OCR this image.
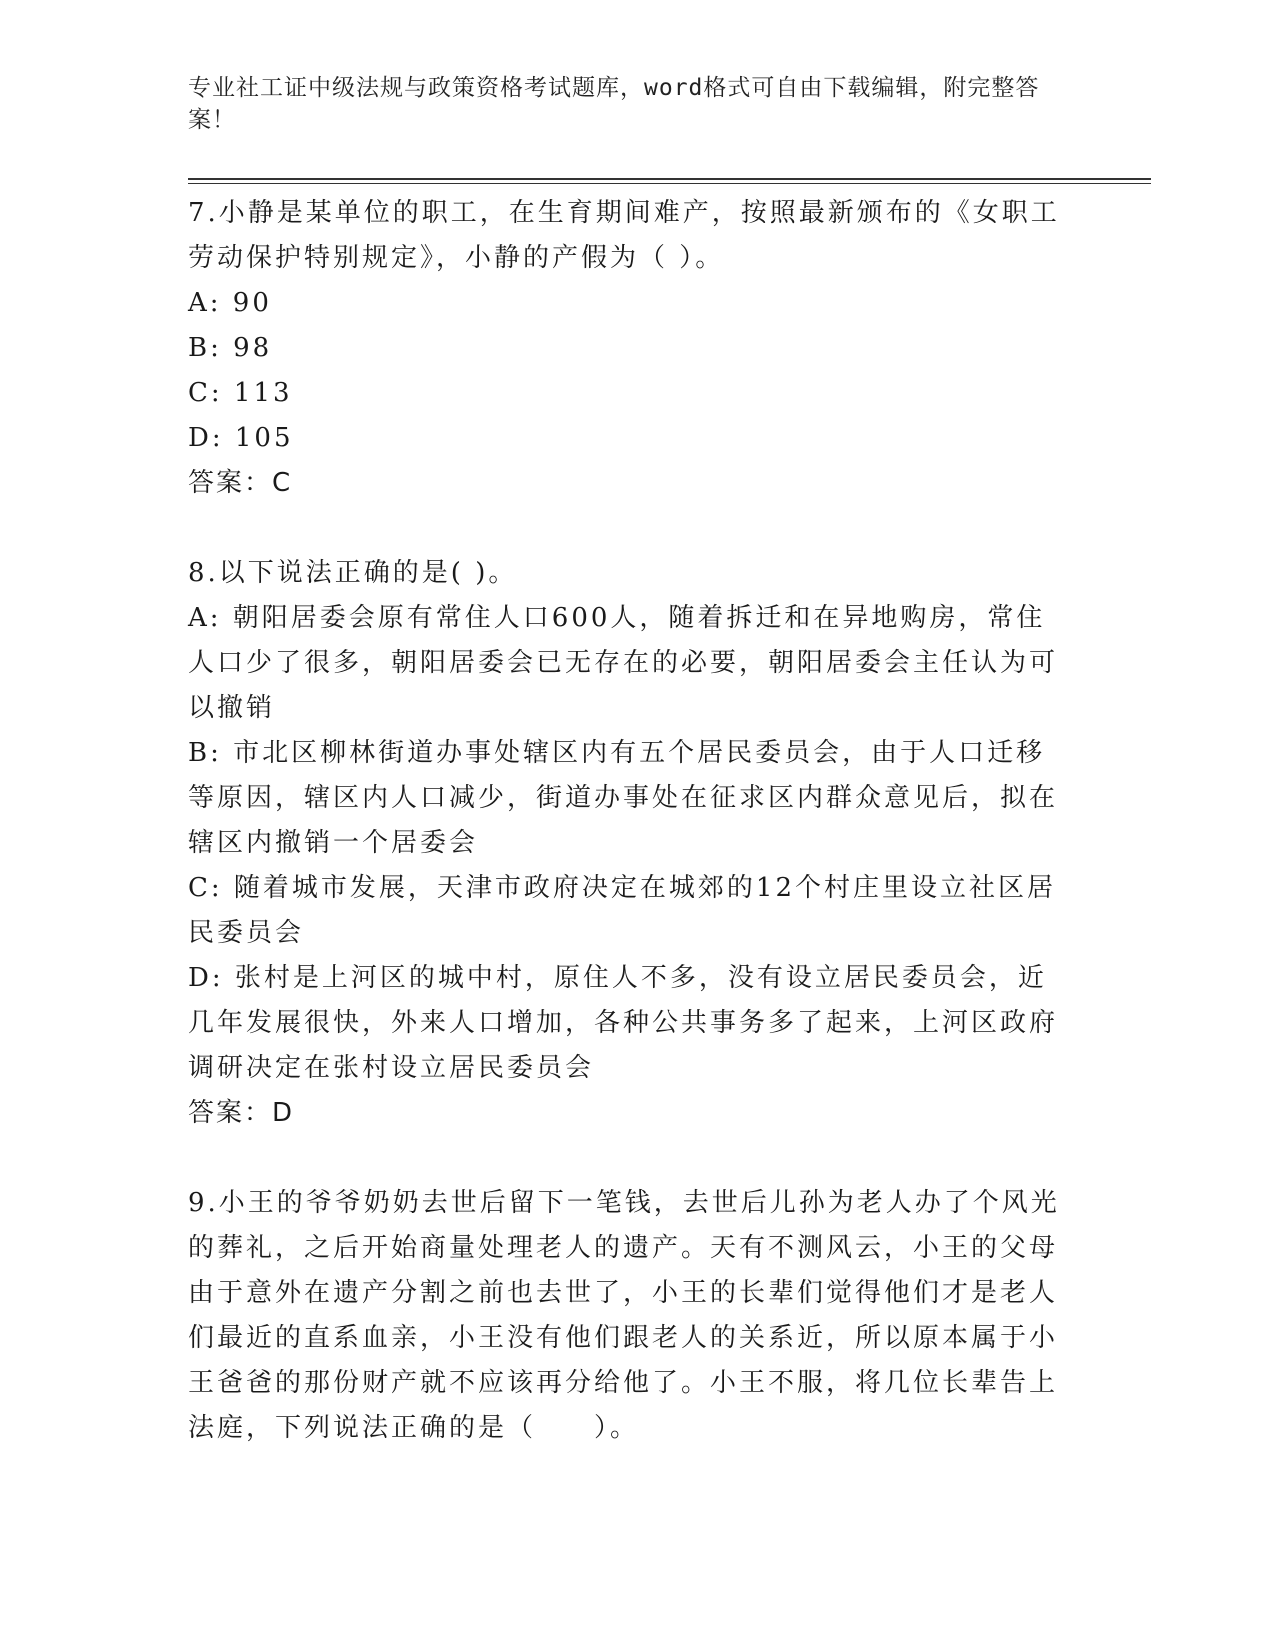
专业社工证中级法规与政策资格考试题库，word格式可自由下载编辑，附完整答案！

7.小静是某单位的职工，在生育期间难产，按照最新颁布的《女职工劳动保护特别规定》，小静的产假为（ ）。

A: 90

B: 98

C: 113

D: 105

答案：C

8.以下说法正确的是( )。

A: 朝阳居委会原有常住人口600人，随着拆迁和在异地购房，常住人口少了很多，朝阳居委会已无存在的必要，朝阳居委会主任认为可以撤销

B: 市北区柳林街道办事处辖区内有五个居民委员会，由于人口迁移等原因，辖区内人口减少，街道办事处在征求区内群众意见后，拟在辖区内撤销一个居委会

C: 随着城市发展，天津市政府决定在城郊的12个村庄里设立社区居民委员会

D: 张村是上河区的城中村，原住人不多，没有设立居民委员会，近几年发展很快，外来人口增加，各种公共事务多了起来，上河区政府调研决定在张村设立居民委员会

答案：D

9.小王的爷爷奶奶去世后留下一笔钱，去世后儿孙为老人办了个风光的葬礼，之后开始商量处理老人的遗产。天有不测风云，小王的父母由于意外在遗产分割之前也去世了，小王的长辈们觉得他们才是老人们最近的直系血亲，小王没有他们跟老人的关系近，所以原本属于小王爸爸的那份财产就不应该再分给他了。小王不服，将几位长辈告上法庭，下列说法正确的是（　　）。
